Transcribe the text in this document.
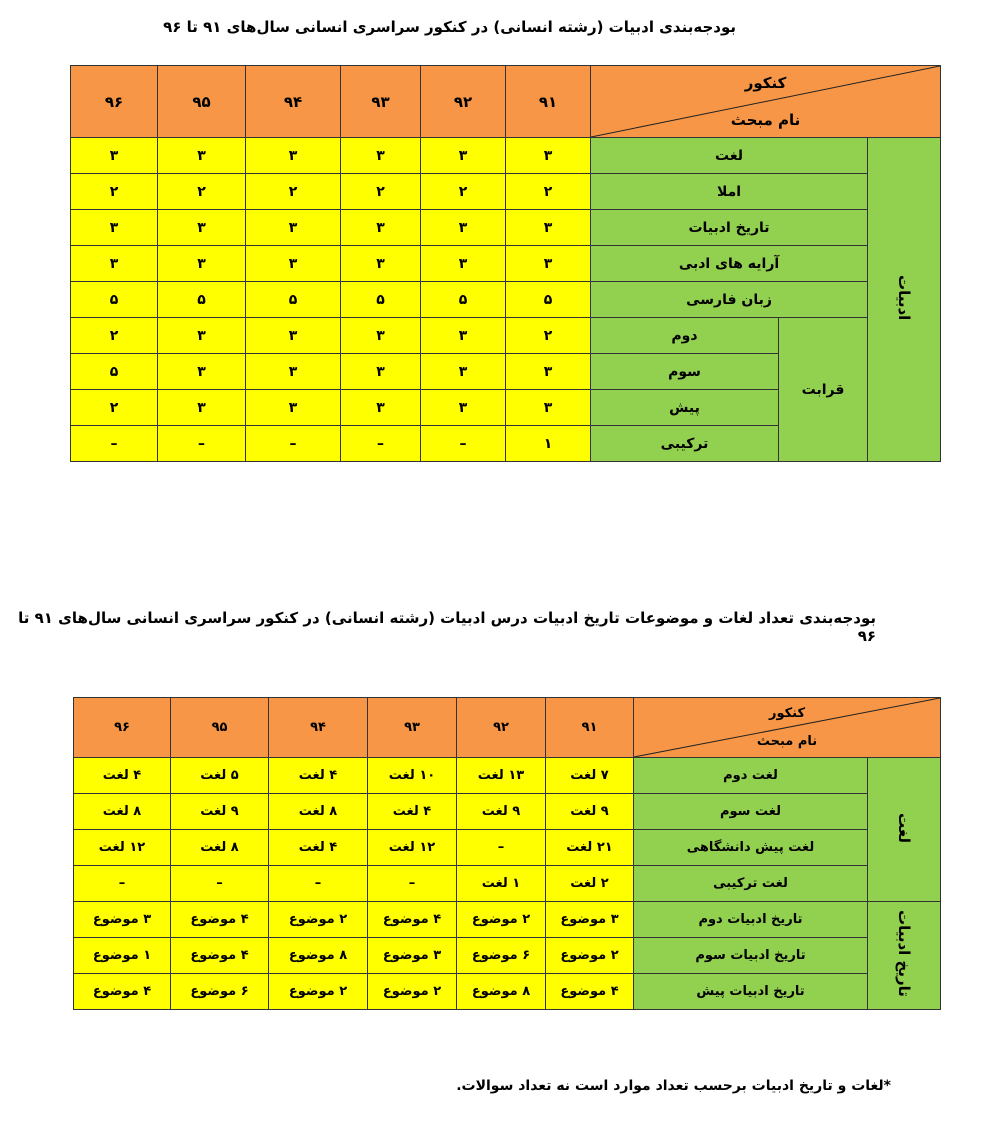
بودجه‌بندی ادبیات (رشته انسانی) در کنکور سراسری انسانی سال‌های ۹۱ تا ۹۶
کنکور
نام مبحث			۹۱	۹۲	۹۳	۹۴	۹۵	۹۶
ادبیات	لغت		۳	۳	۳	۳	۳	۳
	املا		۲	۲	۲	۲	۲	۲
	تاریخ ادبیات		۳	۳	۳	۳	۳	۳
	آرایه های ادبی		۳	۳	۳	۳	۳	۳
	زبان فارسی		۵	۵	۵	۵	۵	۵
	قرابت	دوم	۲	۳	۳	۳	۳	۲
		سوم	۳	۳	۳	۳	۳	۵
		پیش	۳	۳	۳	۳	۳	۲
		ترکیبی	۱	–	–	–	–	–
بودجه‌بندی تعداد لغات و موضوعات تاریخ ادبیات درس ادبیات (رشته انسانی) در کنکور سراسری انسانی سال‌های ۹۱ تا ۹۶
کنکور
نام مبحث		۹۱	۹۲	۹۳	۹۴	۹۵	۹۶
لغت	لغت دوم	۷ لغت	۱۳ لغت	۱۰ لغت	۴ لغت	۵ لغت	۴ لغت
	لغت سوم	۹ لغت	۹ لغت	۴ لغت	۸ لغت	۹ لغت	۸ لغت
	لغت پیش دانشگاهی	۲۱ لغت	–	۱۲ لغت	۴ لغت	۸ لغت	۱۲ لغت
	لغت ترکیبی	۲ لغت	۱ لغت	–	–	–	–
تاریخ ادبیات	تاریخ ادبیات دوم	۳ موضوع	۲ موضوع	۴ موضوع	۲ موضوع	۴ موضوع	۳ موضوع
	تاریخ ادبیات سوم	۲ موضوع	۶ موضوع	۳ موضوع	۸ موضوع	۴ موضوع	۱ موضوع
	تاریخ ادبیات پیش	۴ موضوع	۸ موضوع	۲ موضوع	۲ موضوع	۶ موضوع	۴ موضوع
*لغات و تاریخ ادبیات برحسب تعداد موارد است نه تعداد سوالات.
